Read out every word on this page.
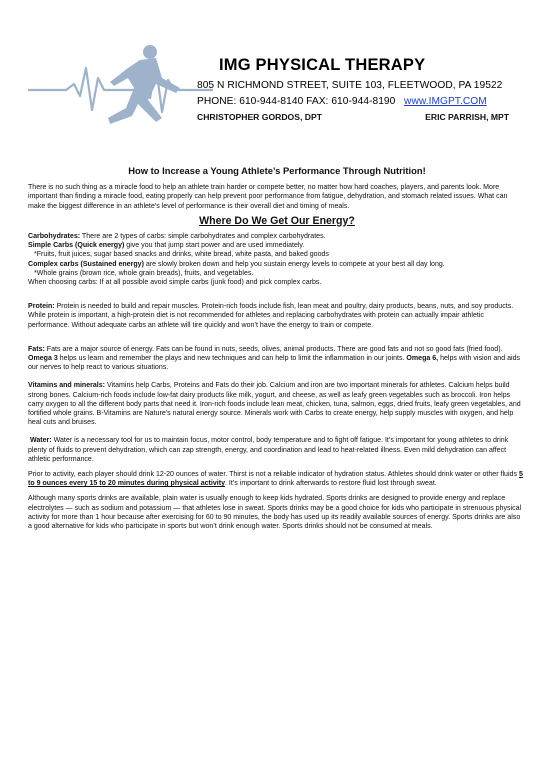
IMG PHYSICAL THERAPY
805 N RICHMOND STREET, SUITE 103, FLEETWOOD, PA 19522
PHONE: 610-944-8140 FAX: 610-944-8190 www.IMGPT.COM
CHRISTOPHER GORDOS, DPT	ERIC PARRISH, MPT
How to Increase a Young Athlete’s Performance Through Nutrition!

There is no such thing as a miracle food to help an athlete train harder or compete better, no matter how hard coaches, players, and parents look. More important than finding a miracle food, eating properly can help prevent poor performance from fatigue, dehydration, and stomach related issues. What can make the biggest difference in an athlete’s level of performance is their overall diet and timing of meals.

Where Do We Get Our Energy?

Carbohydrates: There are 2 types of carbs: simple carbohydrates and complex carbohydrates.

Simple Carbs (Quick energy) give you that jump start power and are used immediately.

*Fruits, fruit juices, sugar based snacks and drinks, white bread, white pasta, and baked goods

Complex carbs (Sustained energy) are slowly broken down and help you sustain energy levels to compete at your best all day long.

*Whole grains (brown rice, whole grain breads), fruits, and vegetables.

When choosing carbs: If at all possible avoid simple carbs (junk food) and pick complex carbs.

Protein: Protein is needed to build and repair muscles. Protein-rich foods include fish, lean meat and poultry, dairy products, beans, nuts, and soy products. While protein is important, a high-protein diet is not recommended for athletes and replacing carbohydrates with protein can actually impair athletic performance. Without adequate carbs an athlete will tire quickly and won’t have the energy to train or compete.

Fats: Fats are a major source of energy. Fats can be found in nuts, seeds, olives, animal products. There are good fats and not so good fats (fried food). Omega 3 helps us learn and remember the plays and new techniques and can help to limit the inflammation in our joints. Omega 6, helps with vision and aids our nerves to help react to various situations.

Vitamins and minerals: Vitamins help Carbs, Proteins and Fats do their job. Calcium and iron are two important minerals for athletes. Calcium helps build strong bones. Calcium-rich foods include low-fat dairy products like milk, yogurt, and cheese, as well as leafy green vegetables such as broccoli. Iron helps carry oxygen to all the different body parts that need it. Iron-rich foods include lean meat, chicken, tuna, salmon, eggs, dried fruits, leafy green vegetables, and fortified whole grains. B-Vitamins are Nature’s natural energy source. Minerals work with Carbs to create energy, help supply muscles with oxygen, and help heal cuts and bruises.

Water: Water is a necessary tool for us to maintain focus, motor control, body temperature and to fight off fatigue. It’s important for young athletes to drink plenty of fluids to prevent dehydration, which can zap strength, energy, and coordination and lead to heat-related illness. Even mild dehydration can affect athletic performance.

Prior to activity, each player should drink 12-20 ounces of water. Thirst is not a reliable indicator of hydration status. Athletes should drink water or other fluids 5 to 9 ounces every 15 to 20 minutes during physical activity. It’s important to drink afterwards to restore fluid lost through sweat.

Although many sports drinks are available, plain water is usually enough to keep kids hydrated. Sports drinks are designed to provide energy and replace electrolytes — such as sodium and potassium — that athletes lose in sweat. Sports drinks may be a good choice for kids who participate in strenuous physical activity for more than 1 hour because after exercising for 60 to 90 minutes, the body has used up its readily available sources of energy. Sports drinks are also a good alternative for kids who participate in sports but won’t drink enough water. Sports drinks should not be consumed at meals.
